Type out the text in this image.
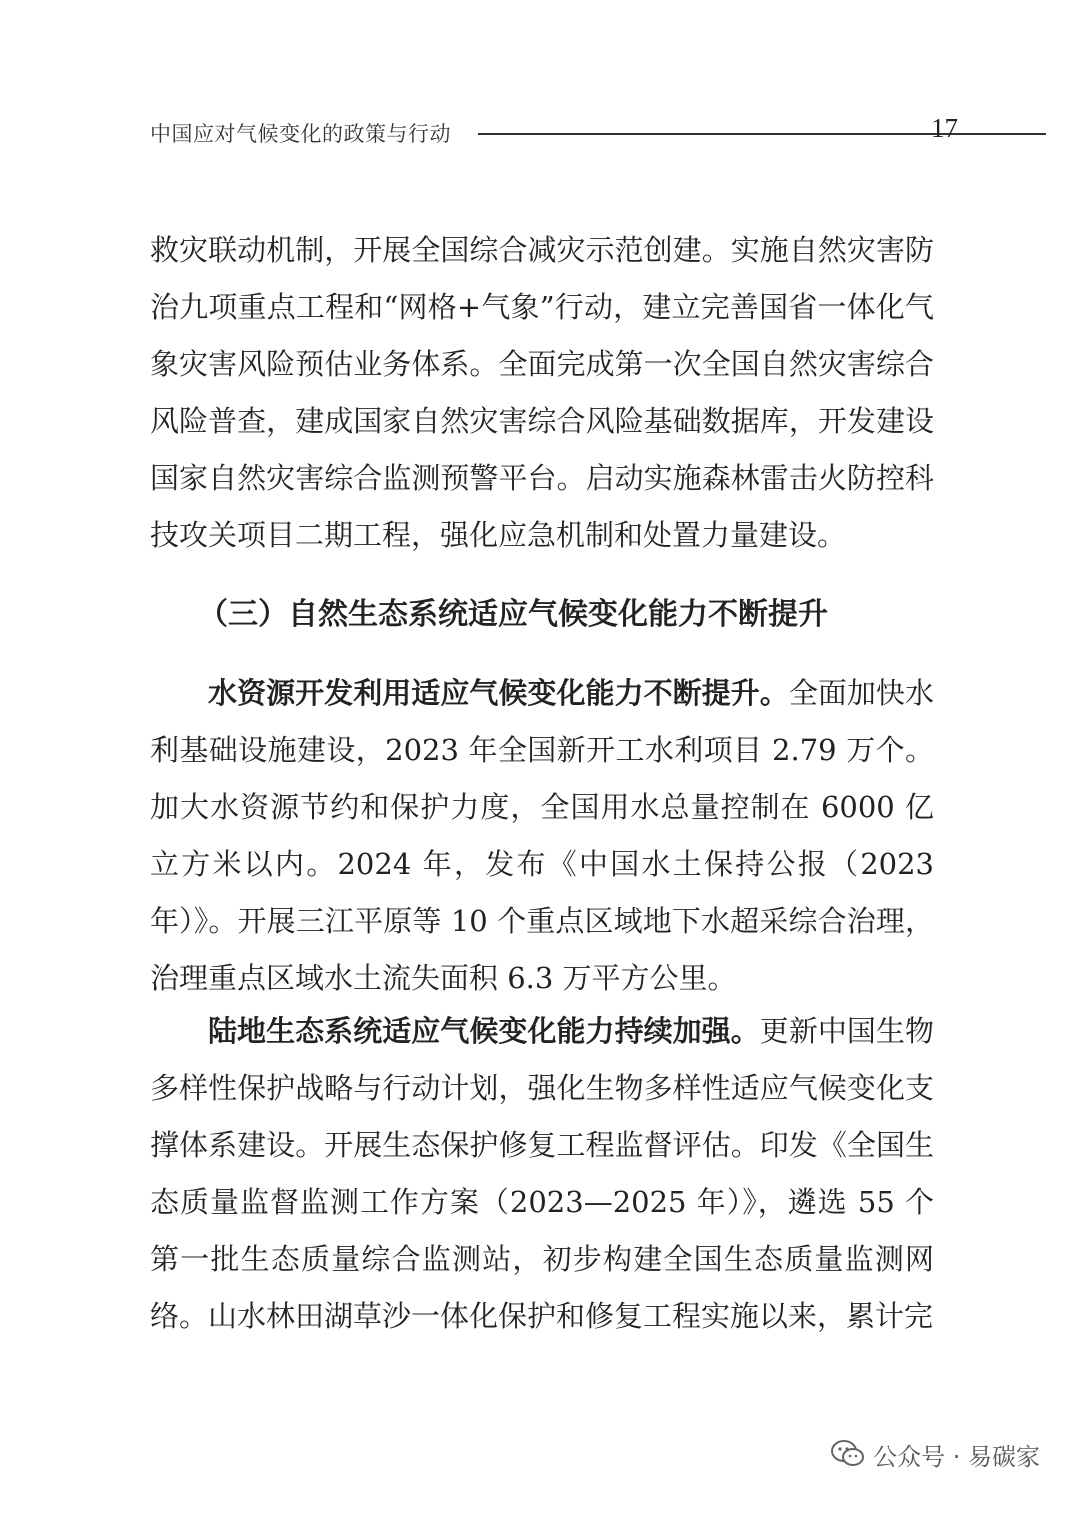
中国应对气候变化的政策与行动	17

救灾联动机制，开展全国综合减灾示范创建。实施自然灾害防治九项重点工程和“网格+气象”行动，建立完善国省一体化气象灾害风险预估业务体系。全面完成第一次全国自然灾害综合风险普查，建成国家自然灾害综合风险基础数据库，开发建设国家自然灾害综合监测预警平台。启动实施森林雷击火防控科技攻关项目二期工程，强化应急机制和处置力量建设。

（三）自然生态系统适应气候变化能力不断提升

水资源开发利用适应气候变化能力不断提升。全面加快水利基础设施建设，2023 年全国新开工水利项目 2.79 万个。加大水资源节约和保护力度，全国用水总量控制在 6000 亿立方米以内。2024 年，发布《中国水土保持公报（2023 年）》。开展三江平原等 10 个重点区域地下水超采综合治理，治理重点区域水土流失面积 6.3 万平方公里。

陆地生态系统适应气候变化能力持续加强。更新中国生物多样性保护战略与行动计划，强化生物多样性适应气候变化支撑体系建设。开展生态保护修复工程监督评估。印发《全国生态质量监督监测工作方案（2023—2025 年）》，遴选 55 个第一批生态质量综合监测站，初步构建全国生态质量监测网络。山水林田湖草沙一体化保护和修复工程实施以来，累计完

公众号 · 易碳家
